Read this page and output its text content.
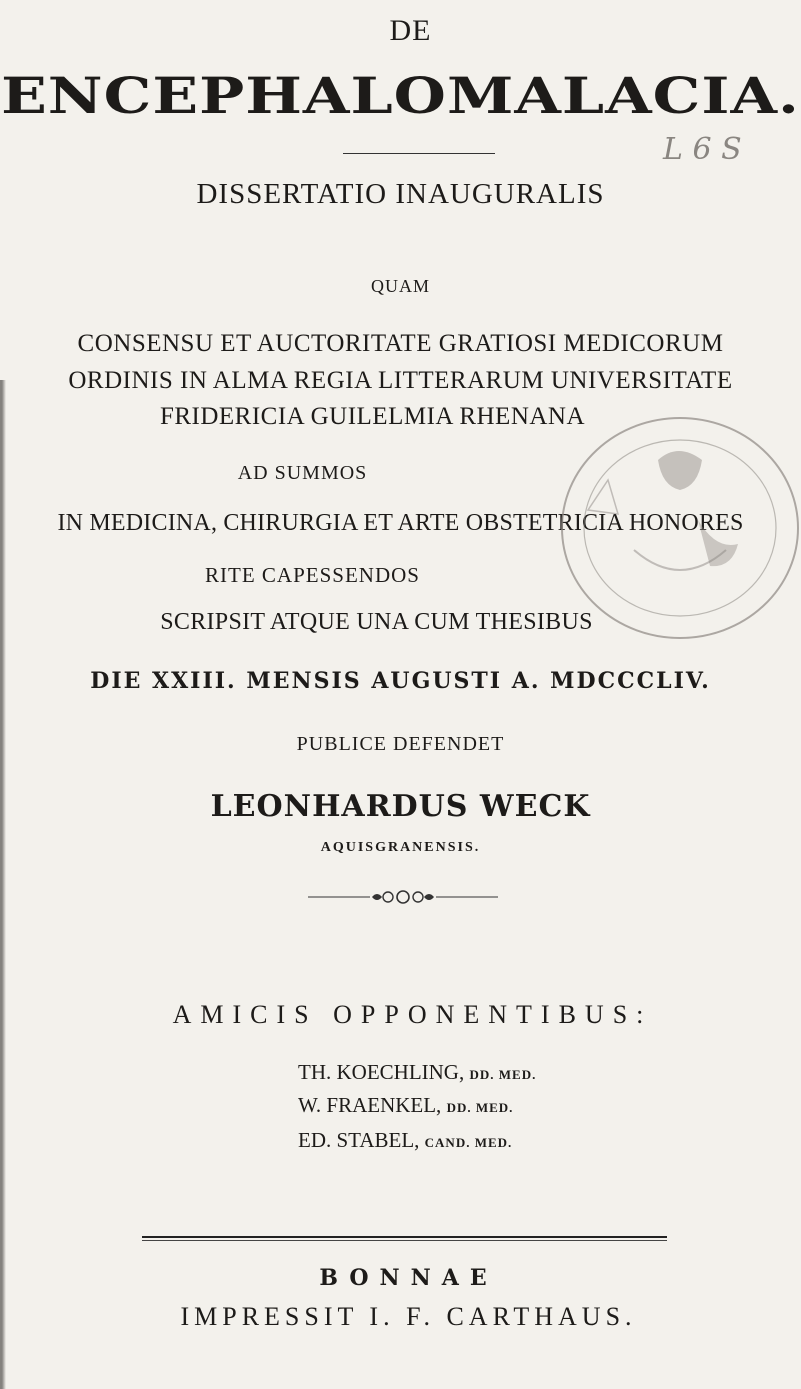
DE
ENCEPHALOMALACIA.
L 6 S
DISSERTATIO INAUGURALIS
QUAM
CONSENSU ET AUCTORITATE GRATIOSI MEDICORUM
ORDINIS IN ALMA REGIA LITTERARUM UNIVERSITATE
FRIDERICIA GUILELMIA RHENANA
AD SUMMOS
IN MEDICINA, CHIRURGIA ET ARTE OBSTETRICIA HONORES
RITE CAPESSENDOS
SCRIPSIT ATQUE UNA CUM THESIBUS
DIE XXIII. MENSIS AUGUSTI A. MDCCCLIV.
PUBLICE DEFENDET
LEONHARDUS WECK
AQUISGRANENSIS.
AMICIS OPPONENTIBUS:
TH. KOECHLING, DD. MED.
W. FRAENKEL, DD. MED.
ED. STABEL, CAND. MED.
BONNAE
IMPRESSIT I. F. CARTHAUS.
